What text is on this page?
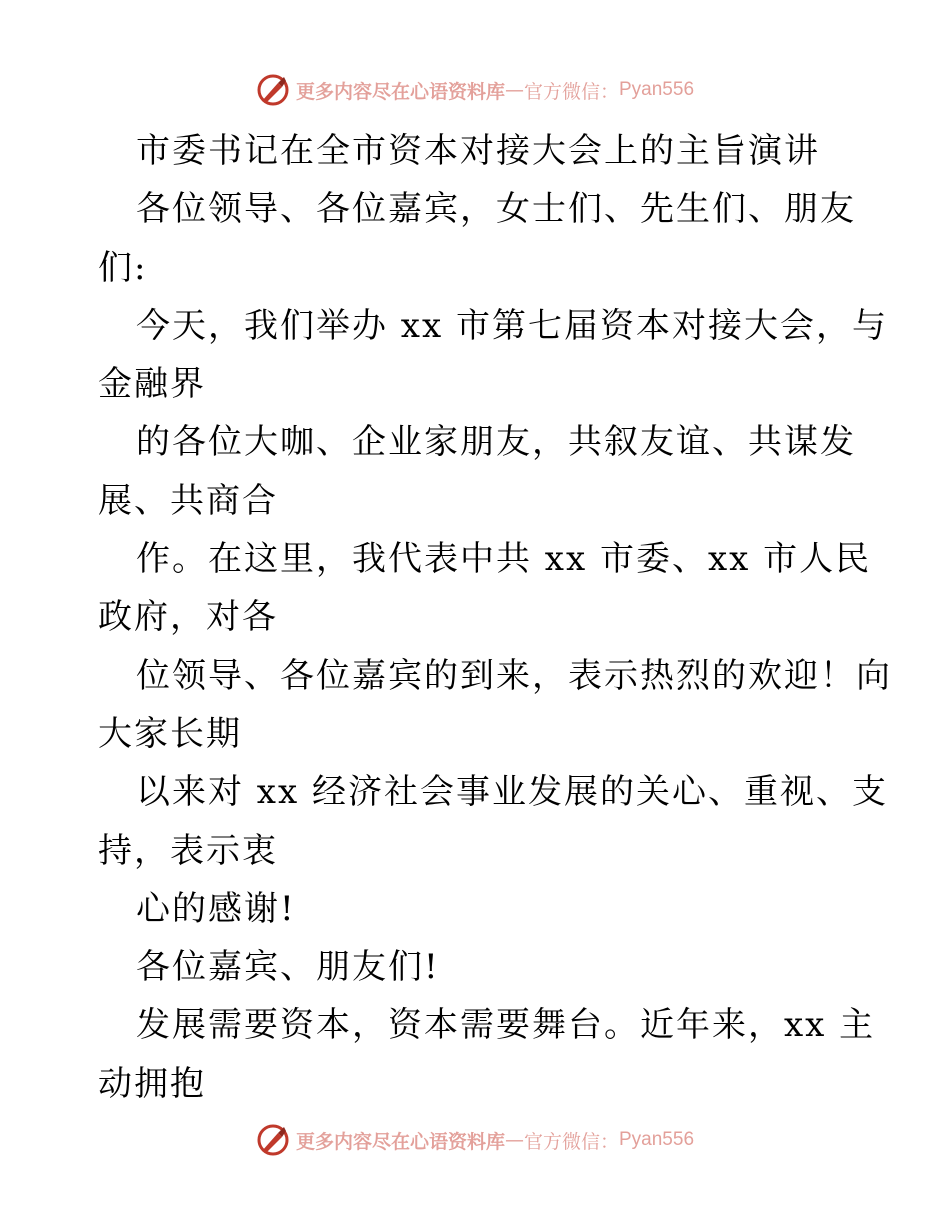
更多内容尽在心语资料库 — 官方微信： Pyan556
市委书记在全市资本对接大会上的主旨演讲
各位领导、各位嘉宾，女士们、先生们、朋友
们:
今天，我们举办 xx 市第七届资本对接大会，与
金融界
的各位大咖、企业家朋友，共叙友谊、共谋发
展、共商合
作。在这里，我代表中共 xx 市委、xx 市人民
政府，对各
位领导、各位嘉宾的到来，表示热烈的欢迎！向
大家长期
以来对 xx 经济社会事业发展的关心、重视、支
持，表示衷
心的感谢!
各位嘉宾、朋友们!
发展需要资本，资本需要舞台。近年来，xx 主
动拥抱
更多内容尽在心语资料库 — 官方微信： Pyan556
